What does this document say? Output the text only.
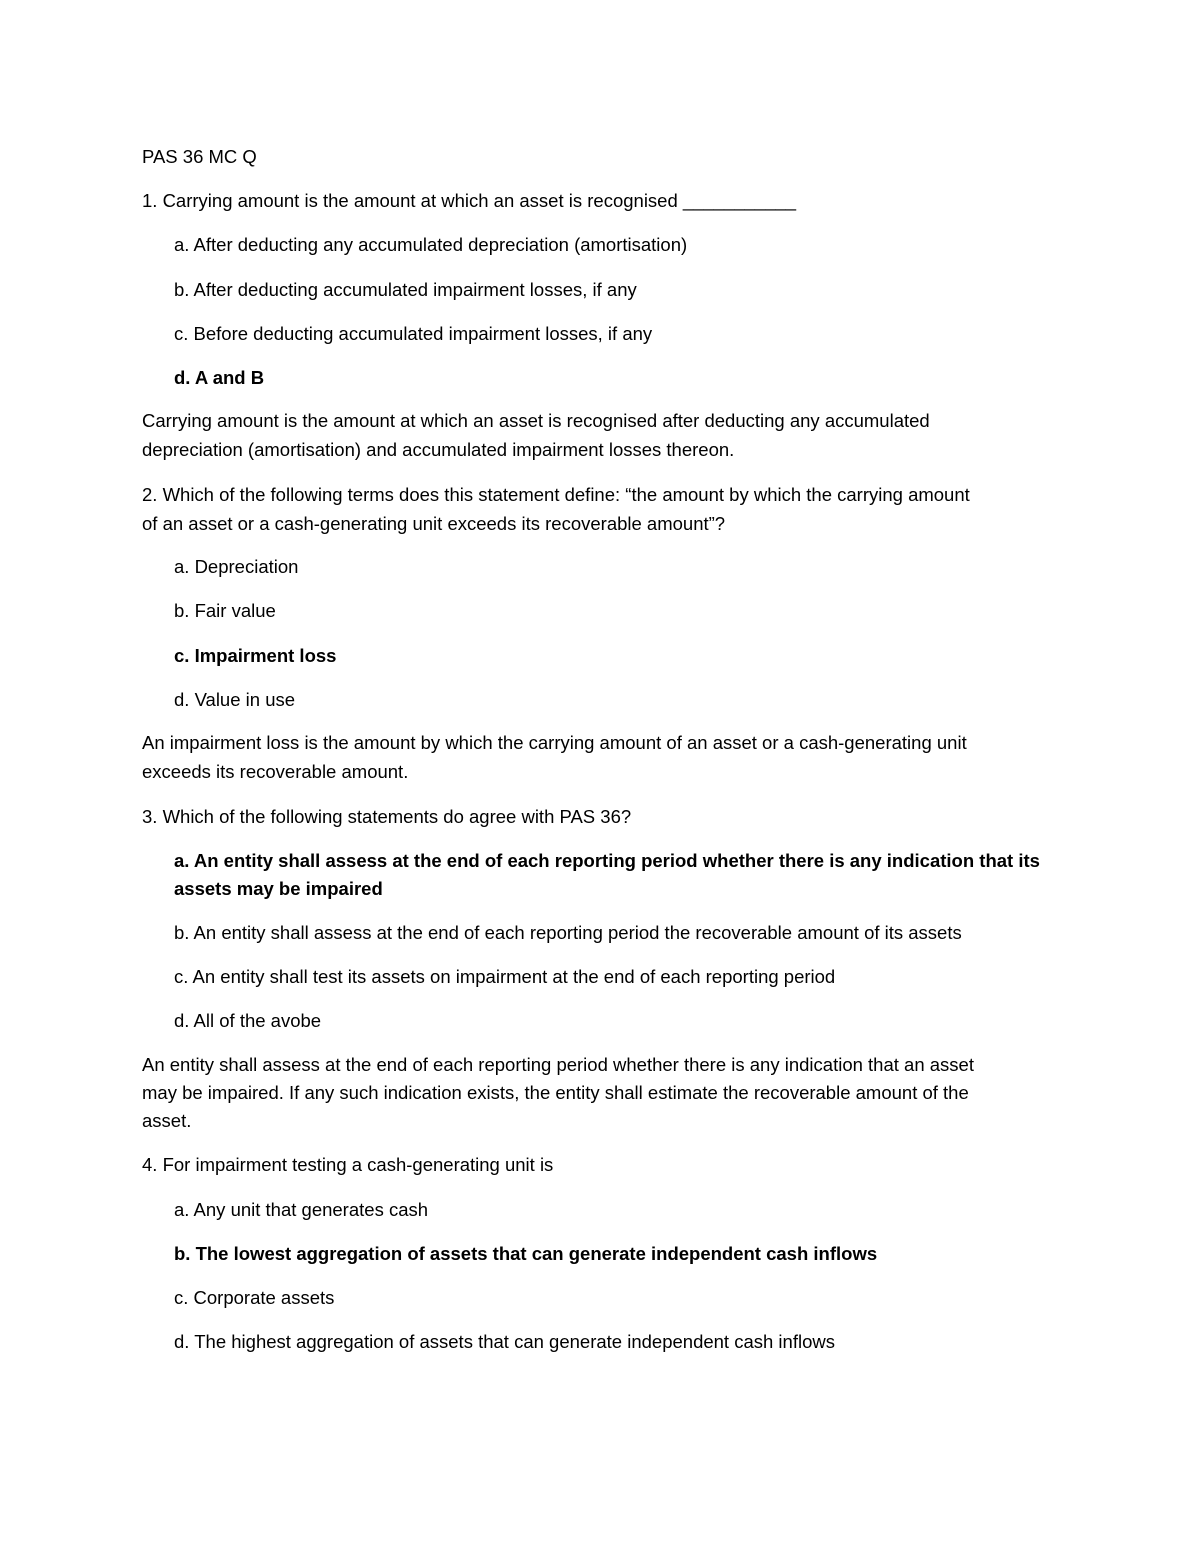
PAS 36 MC Q

1. Carrying amount is the amount at which an asset is recognised ___________

a. After deducting any accumulated depreciation (amortisation)

b. After deducting accumulated impairment losses, if any

c. Before deducting accumulated impairment losses, if any

d. A and B

Carrying amount is the amount at which an asset is recognised after deducting any accumulated

depreciation (amortisation) and accumulated impairment losses thereon.

2. Which of the following terms does this statement define: “the amount by which the carrying amount

of an asset or a cash-generating unit exceeds its recoverable amount”?

a. Depreciation

b. Fair value

c. Impairment loss

d. Value in use

An impairment loss is the amount by which the carrying amount of an asset or a cash-generating unit

exceeds its recoverable amount.

3. Which of the following statements do agree with PAS 36?

a. An entity shall assess at the end of each reporting period whether there is any indication that its

assets may be impaired

b. An entity shall assess at the end of each reporting period the recoverable amount of its assets

c. An entity shall test its assets on impairment at the end of each reporting period

d. All of the avobe

An entity shall assess at the end of each reporting period whether there is any indication that an asset

may be impaired. If any such indication exists, the entity shall estimate the recoverable amount of the

asset.

4. For impairment testing a cash-generating unit is

a. Any unit that generates cash

b. The lowest aggregation of assets that can generate independent cash inflows

c. Corporate assets

d. The highest aggregation of assets that can generate independent cash inflows
